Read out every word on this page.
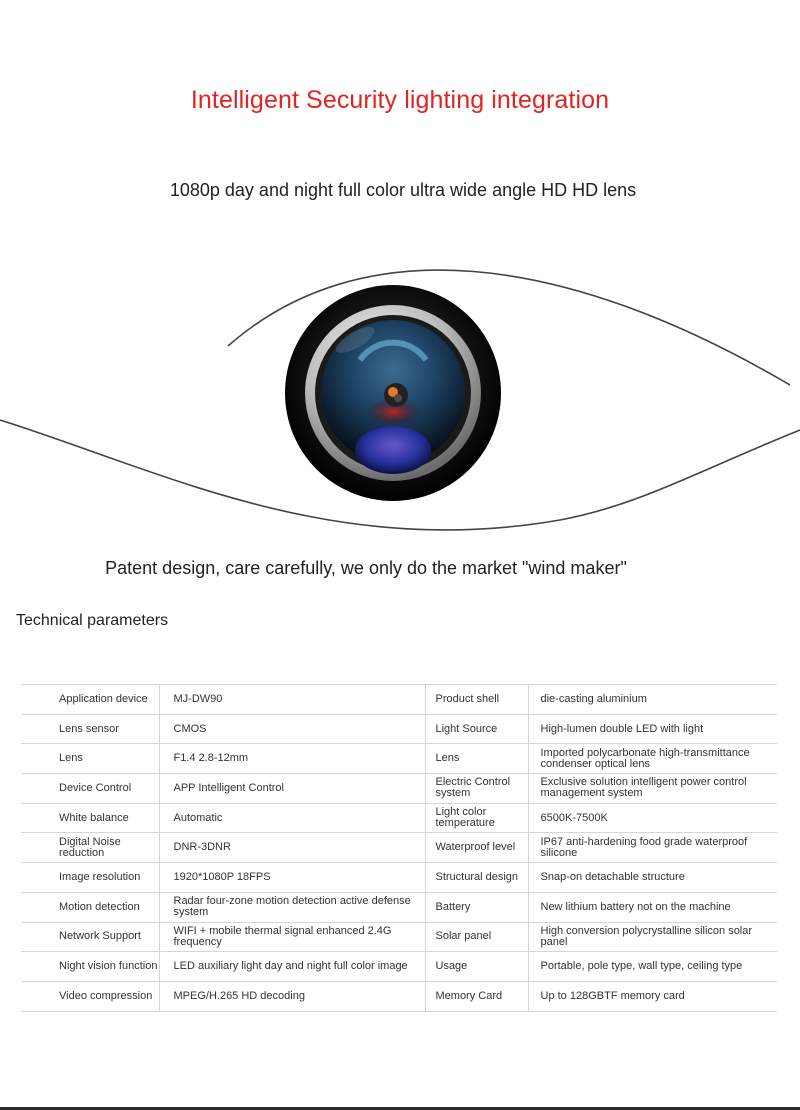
Intelligent Security lighting integration
1080p day and night full color ultra wide angle HD HD lens
Patent design, care carefully, we only do the market "wind maker"
Technical parameters
Application device	MJ-DW90	Product shell	die-casting aluminium
Lens sensor	CMOS	Light Source	High-lumen double LED with light
Lens	F1.4 2.8-12mm	Lens	Imported polycarbonate high-transmittance condenser optical lens
Device Control	APP Intelligent Control	Electric Control system	Exclusive solution intelligent power control management system
White balance	Automatic	Light color temperature	6500K-7500K
Digital Noise reduction	DNR-3DNR	Waterproof level	IP67 anti-hardening food grade waterproof silicone
Image resolution	1920*1080P 18FPS	Structural design	Snap-on detachable structure
Motion detection	Radar four-zone motion detection active defense system	Battery	New lithium battery not on the machine
Network Support	WIFI + mobile thermal signal enhanced 2.4G frequency	Solar panel	High conversion polycrystalline silicon solar panel
Night vision function	LED auxiliary light day and night full color image	Usage	Portable, pole type, wall type, ceiling type
Video compression	MPEG/H.265 HD decoding	Memory Card	Up to 128GBTF memory card
